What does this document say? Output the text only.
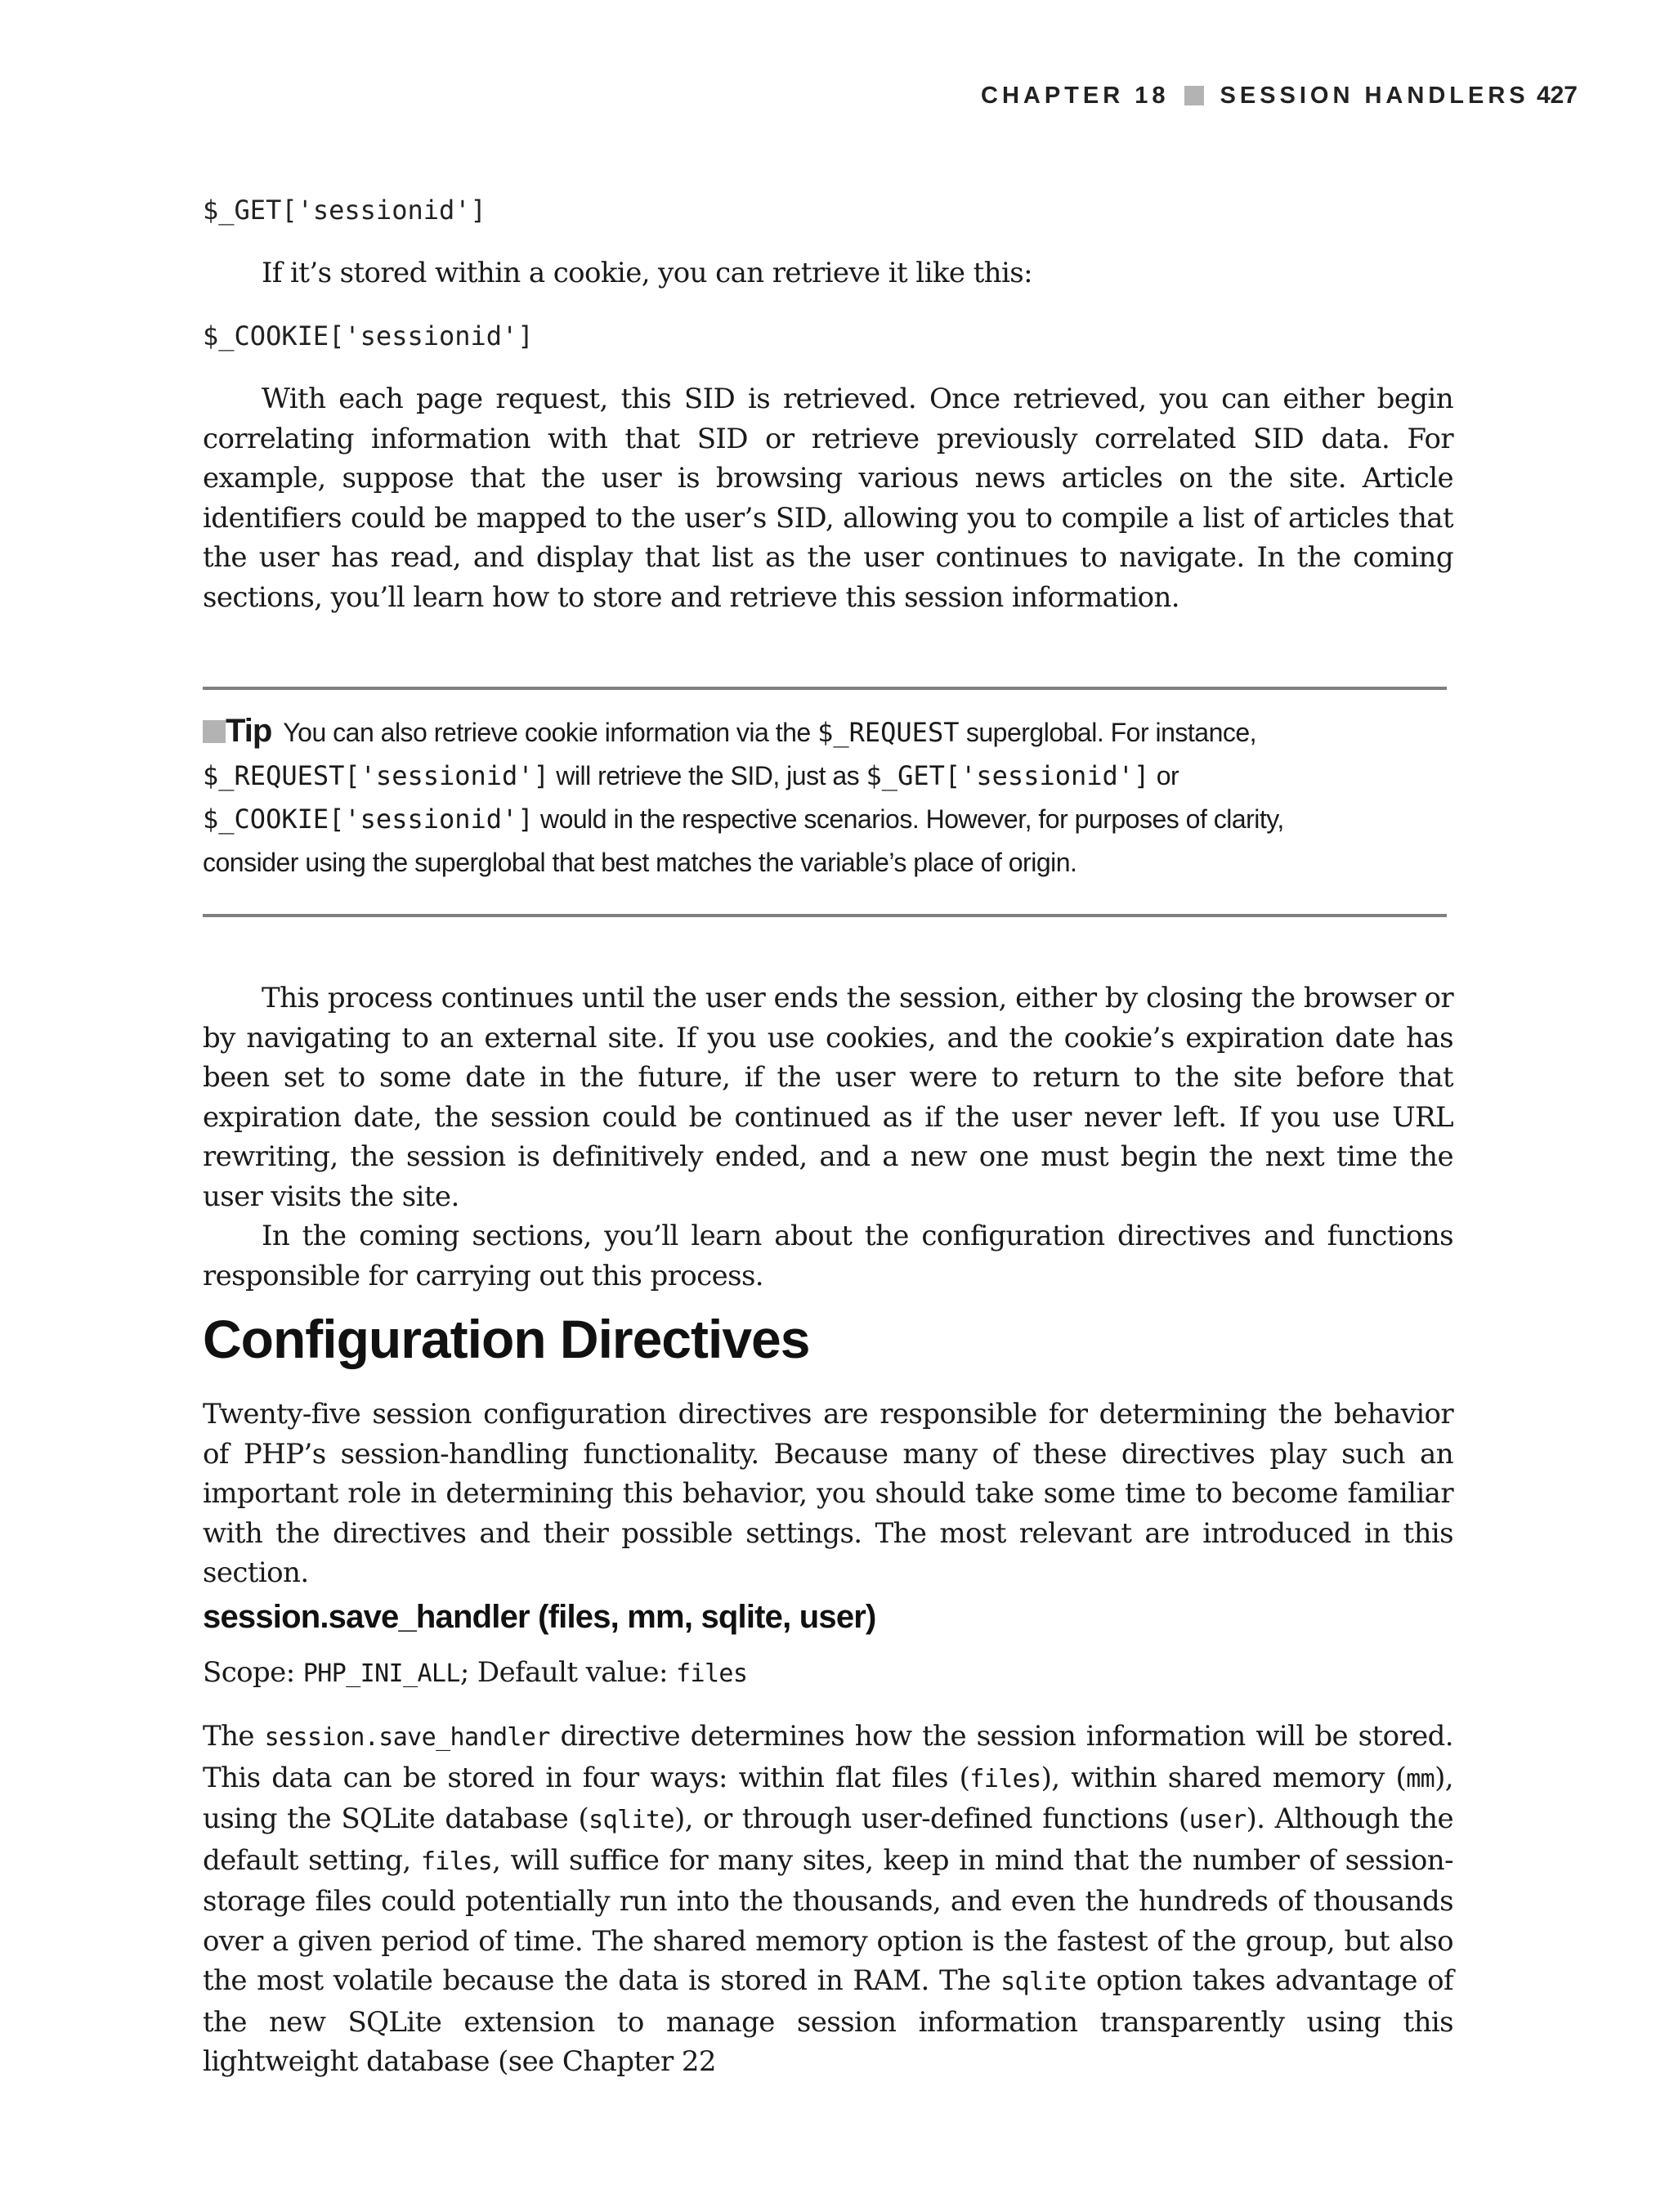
CHAPTER 18 SESSION HANDLERS 427

$_GET['sessionid']

If it’s stored within a cookie, you can retrieve it like this:

$_COOKIE['sessionid']

With each page request, this SID is retrieved. Once retrieved, you can either begin correlating information with that SID or retrieve previously correlated SID data. For example, suppose that the user is browsing various news articles on the site. Article identifiers could be mapped to the user’s SID, allowing you to compile a list of articles that the user has read, and display that list as the user continues to navigate. In the coming sections, you’ll learn how to store and retrieve this session information.

Tip You can also retrieve cookie information via the $_REQUEST superglobal. For instance,
$_REQUEST['sessionid'] will retrieve the SID, just as $_GET['sessionid'] or
$_COOKIE['sessionid'] would in the respective scenarios. However, for purposes of clarity,
consider using the superglobal that best matches the variable’s place of origin.

This process continues until the user ends the session, either by closing the browser or by navigating to an external site. If you use cookies, and the cookie’s expiration date has been set to some date in the future, if the user were to return to the site before that expiration date, the session could be continued as if the user never left. If you use URL rewriting, the session is definitively ended, and a new one must begin the next time the user visits the site.

In the coming sections, you’ll learn about the configuration directives and functions responsible for carrying out this process.

Configuration Directives

Twenty-five session configuration directives are responsible for determining the behavior of PHP’s session-handling functionality. Because many of these directives play such an important role in determining this behavior, you should take some time to become familiar with the directives and their possible settings. The most relevant are introduced in this section.

session.save_handler (files, mm, sqlite, user)

Scope: PHP_INI_ALL; Default value: files

The session.save_handler directive determines how the session information will be stored. This data can be stored in four ways: within flat files (files), within shared memory (mm), using the SQLite database (sqlite), or through user-defined functions (user). Although the default setting, files, will suffice for many sites, keep in mind that the number of session-storage files could potentially run into the thousands, and even the hundreds of thousands over a given period of time. The shared memory option is the fastest of the group, but also the most volatile because the data is stored in RAM. The sqlite option takes advantage of the new SQLite extension to manage session information transparently using this lightweight database (see Chapter 22
